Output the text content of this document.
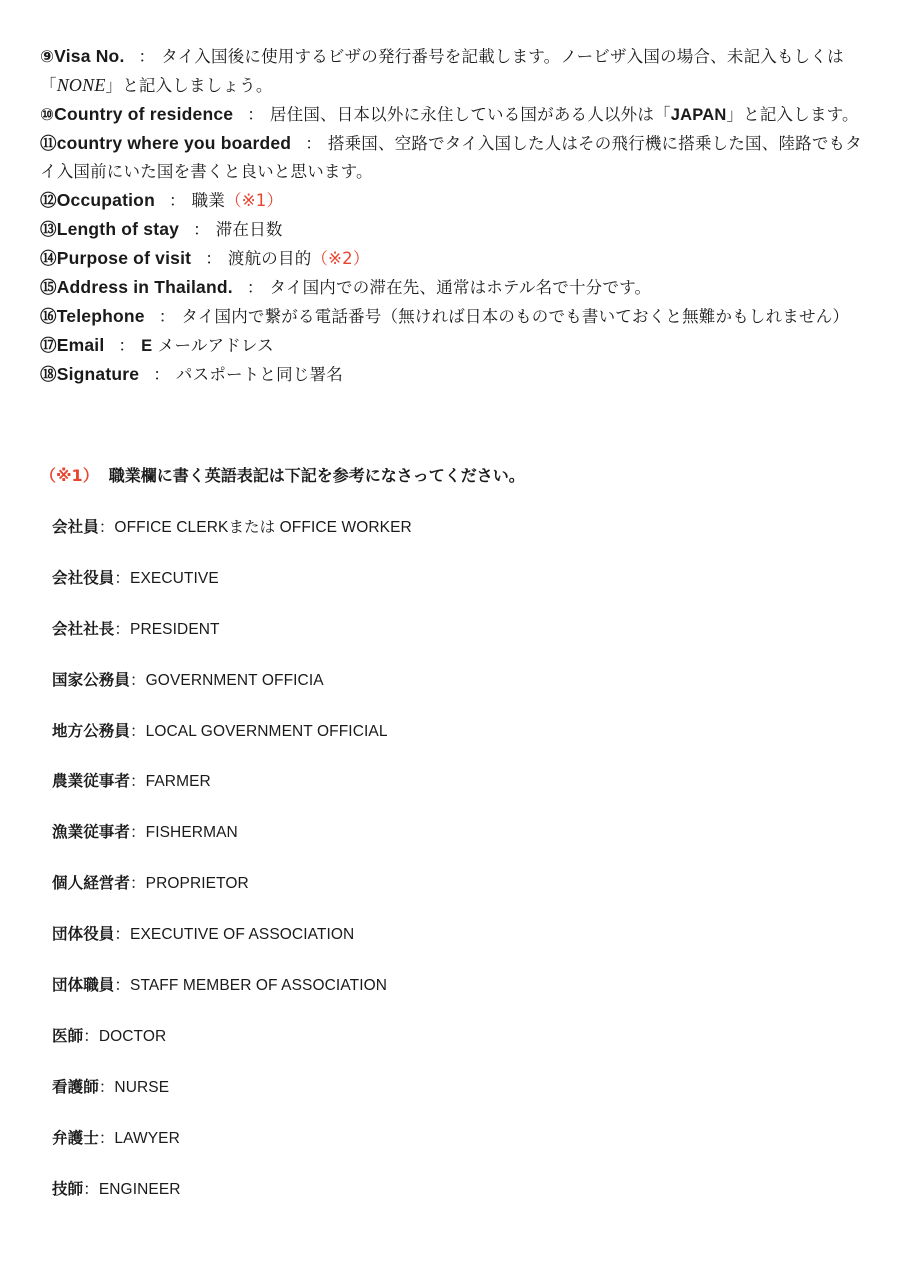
⑨Visa No. ： タイ入国後に使用するビザの発行番号を記載します。ノービザ入国の場合、未記入もしくは「NONE」と記入しましょう。
⑩Country of residence ： 居住国、日本以外に永住している国がある人以外は「JAPAN」と記入します。
⑪country where you boarded ： 搭乗国、空路でタイ入国した人はその飛行機に搭乗した国、陸路でもタイ入国前にいた国を書くと良いと思います。
⑫Occupation ： 職業（※1）
⑬Length of stay ： 滞在日数
⑭Purpose of visit ： 渡航の目的（※2）
⑮Address in Thailand. ： タイ国内での滞在先、通常はホテル名で十分です。
⑯Telephone ： タイ国内で繋がる電話番号（無ければ日本のものでも書いておくと無難かもしれません）
⑰Email ： E メールアドレス
⑱Signature ： パスポートと同じ署名
（※1） 職業欄に書く英語表記は下記を参考になさってください。
会社員：OFFICE CLERKまたは OFFICE WORKER
会社役員：EXECUTIVE
会社社長：PRESIDENT
国家公務員：GOVERNMENT OFFICIA
地方公務員：LOCAL GOVERNMENT OFFICIAL
農業従事者：FARMER
漁業従事者：FISHERMAN
個人経営者：PROPRIETOR
団体役員：EXECUTIVE OF ASSOCIATION
団体職員：STAFF MEMBER OF ASSOCIATION
医師：DOCTOR
看護師：NURSE
弁護士：LAWYER
技師：ENGINEER
